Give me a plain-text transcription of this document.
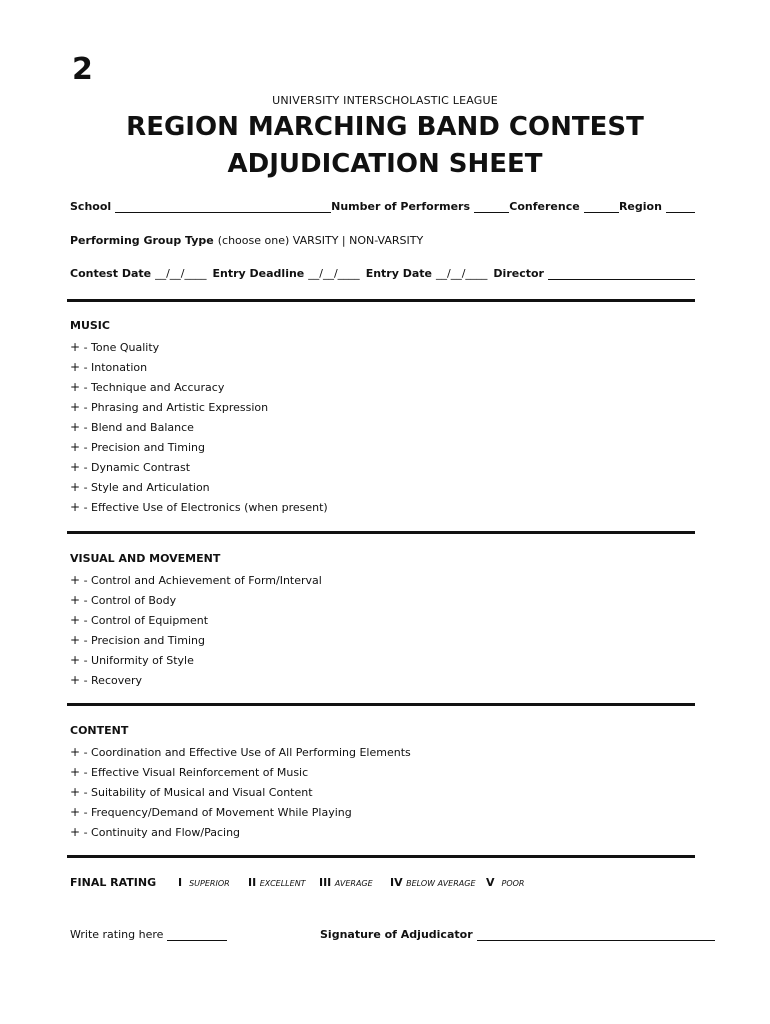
2
UNIVERSITY INTERSCHOLASTIC LEAGUE
REGION MARCHING BAND CONTEST
ADJUDICATION SHEET
School	Number of Performers	Conference	Region
Performing Group Type (choose one) VARSITY | NON-VARSITY
Contest Date __/__/____ Entry Deadline __/__/____ Entry Date __/__/____ Director
MUSIC
+ - Tone Quality
+ - Intonation
+ - Technique and Accuracy
+ - Phrasing and Artistic Expression
+ - Blend and Balance
+ - Precision and Timing
+ - Dynamic Contrast
+ - Style and Articulation
+ - Effective Use of Electronics (when present)
VISUAL AND MOVEMENT
+ - Control and Achievement of Form/Interval
+ - Control of Body
+ - Control of Equipment
+ - Precision and Timing
+ - Uniformity of Style
+ - Recovery
CONTENT
+ - Coordination and Effective Use of All Performing Elements
+ - Effective Visual Reinforcement of Music
+ - Suitability of Musical and Visual Content
+ - Frequency/Demand of Movement While Playing
+ - Continuity and Flow/Pacing
FINAL RATING I SUPERIOR II EXCELLENT III AVERAGE IV BELOW AVERAGE V POOR
Write rating here	Signature of Adjudicator
